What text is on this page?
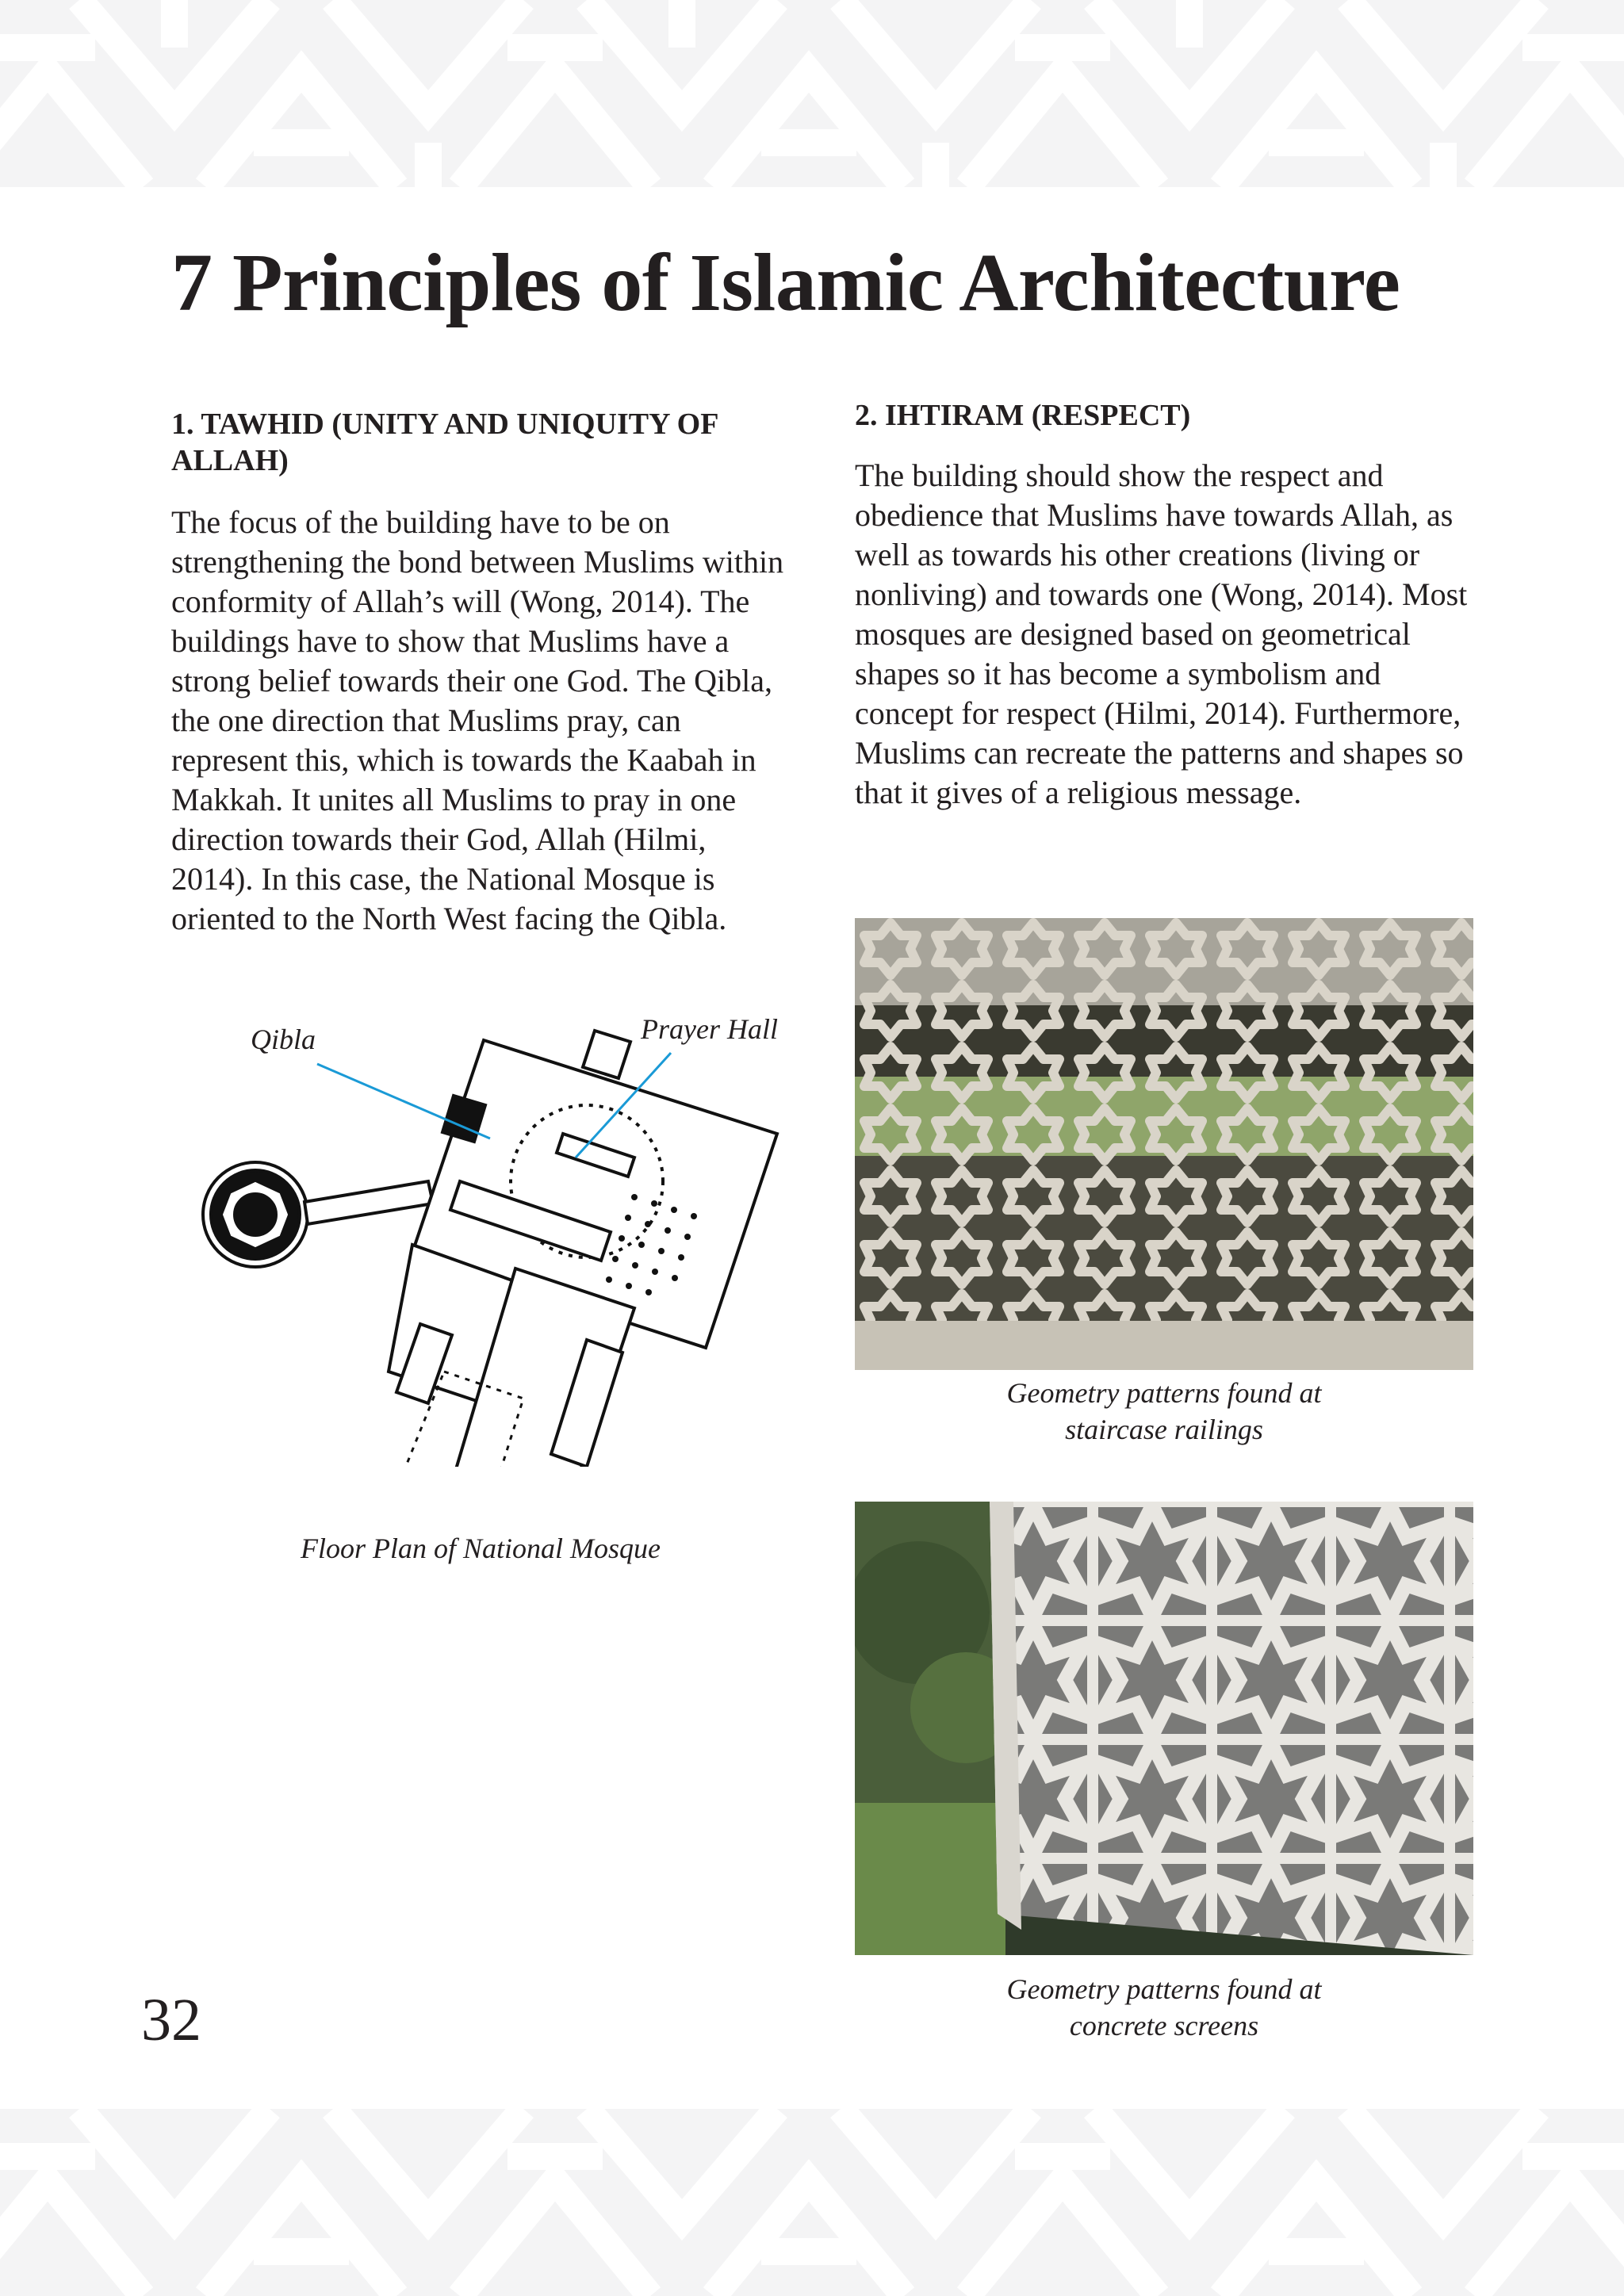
7 Principles of Islamic Architecture
1. TAWHID (UNITY AND UNIQUITY OF ALLAH)

The focus of the building have to be on strengthening the bond between Muslims within conformity of Allah’s will (Wong, 2014). The buildings have to show that Muslims have a strong belief towards their one God. The Qibla, the one direction that Muslims pray, can represent this, which is towards the Kaabah in Makkah. It unites all Muslims to pray in one direction towards their God, Allah (Hilmi, 2014). In this case, the National Mosque is oriented to the North West facing the Qibla.

2. IHTIRAM (RESPECT)

The building should show the respect and obedience that Muslims have towards Allah, as well as towards his other creations (living or nonliving) and towards one (Wong, 2014). Most mosques are designed based on geometrical shapes so it has become a symbolism and concept for respect (Hilmi, 2014). Furthermore, Muslims can recreate the patterns and shapes so that it gives of a religious message.

Qibla	Prayer Hall

Floor Plan of National Mosque

Geometry patterns found at
staircase railings

Geometry patterns found at
concrete screens

32
